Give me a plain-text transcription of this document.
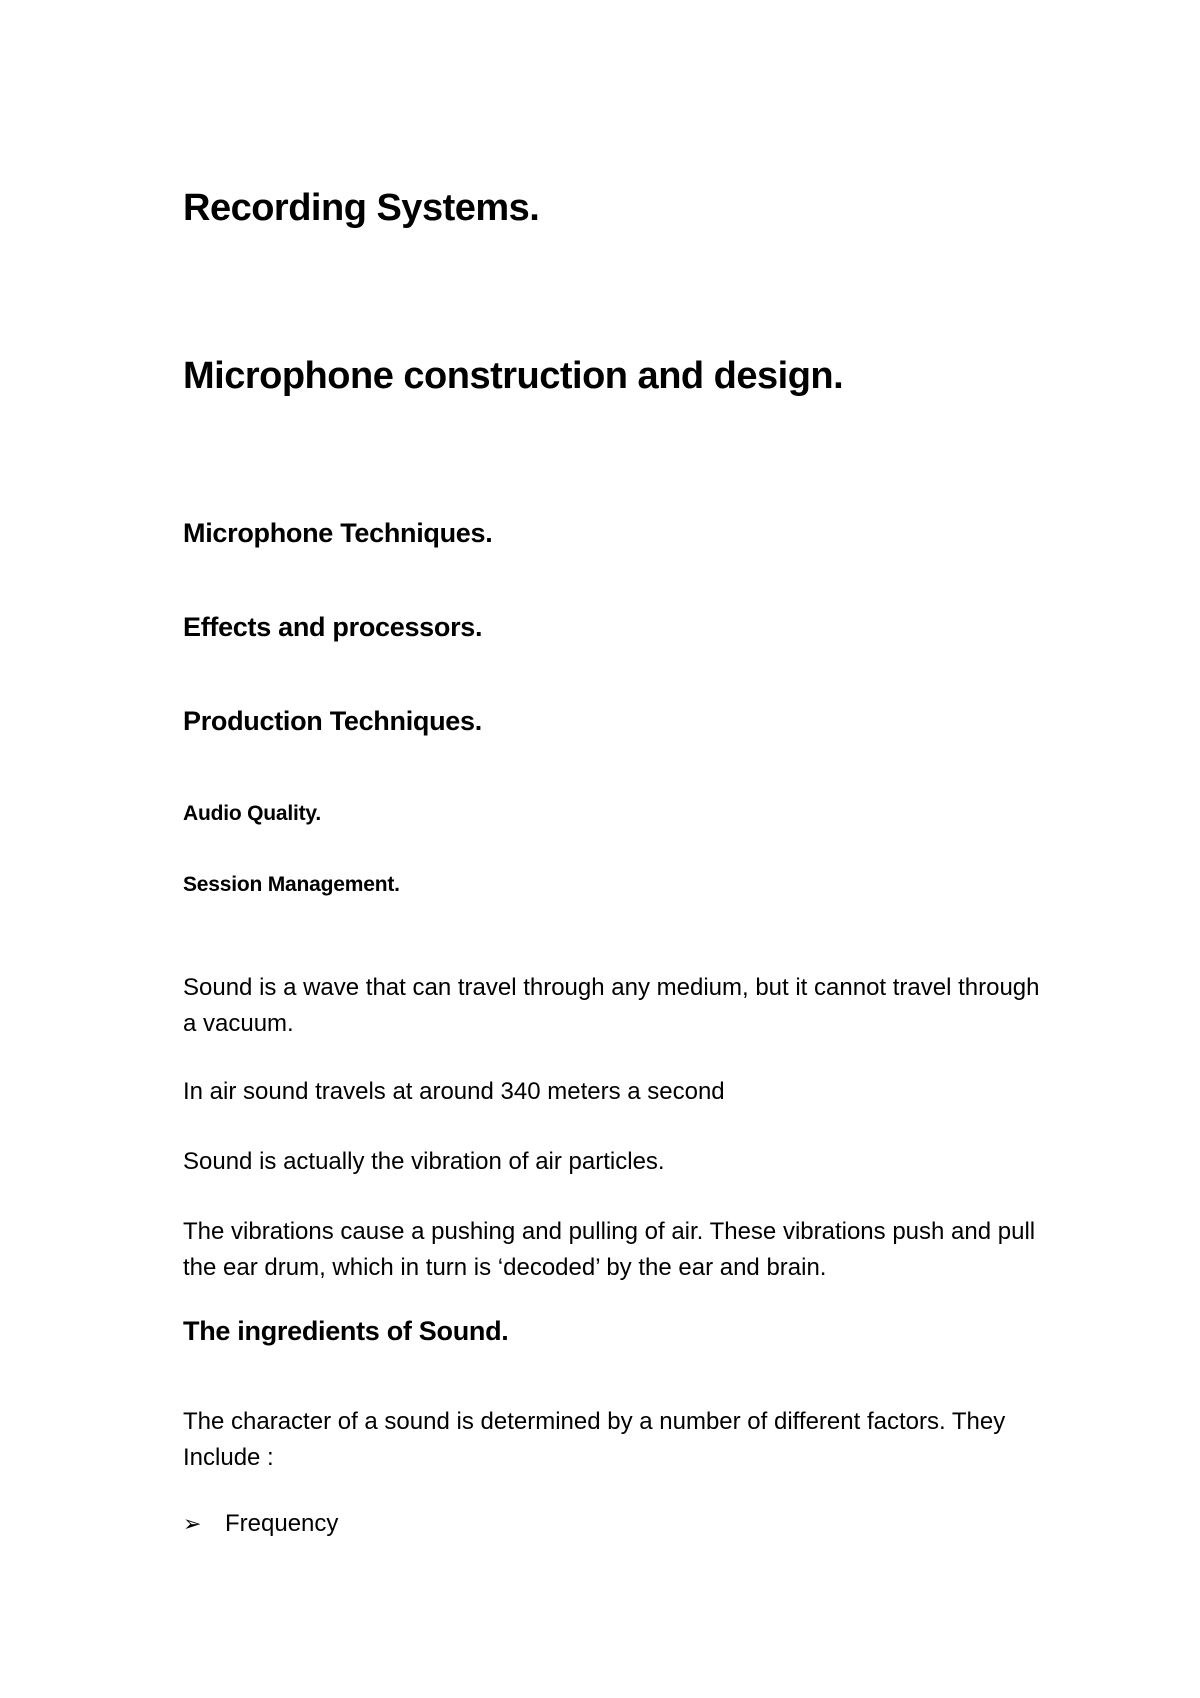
Recording Systems.

Microphone construction and design.

Microphone Techniques.

Effects and processors.

Production Techniques.

Audio Quality.

Session Management.

Sound is a wave that can travel through any medium, but it cannot travel through a vacuum.

In air sound travels at around 340 meters a second

Sound is actually the vibration of air particles.

The vibrations cause a pushing and pulling of air. These vibrations push and pull the ear drum, which in turn is ‘decoded’ by the ear and brain.

The ingredients of Sound.

The character of a sound is determined by a number of different factors. They Include :

➢ Frequency
